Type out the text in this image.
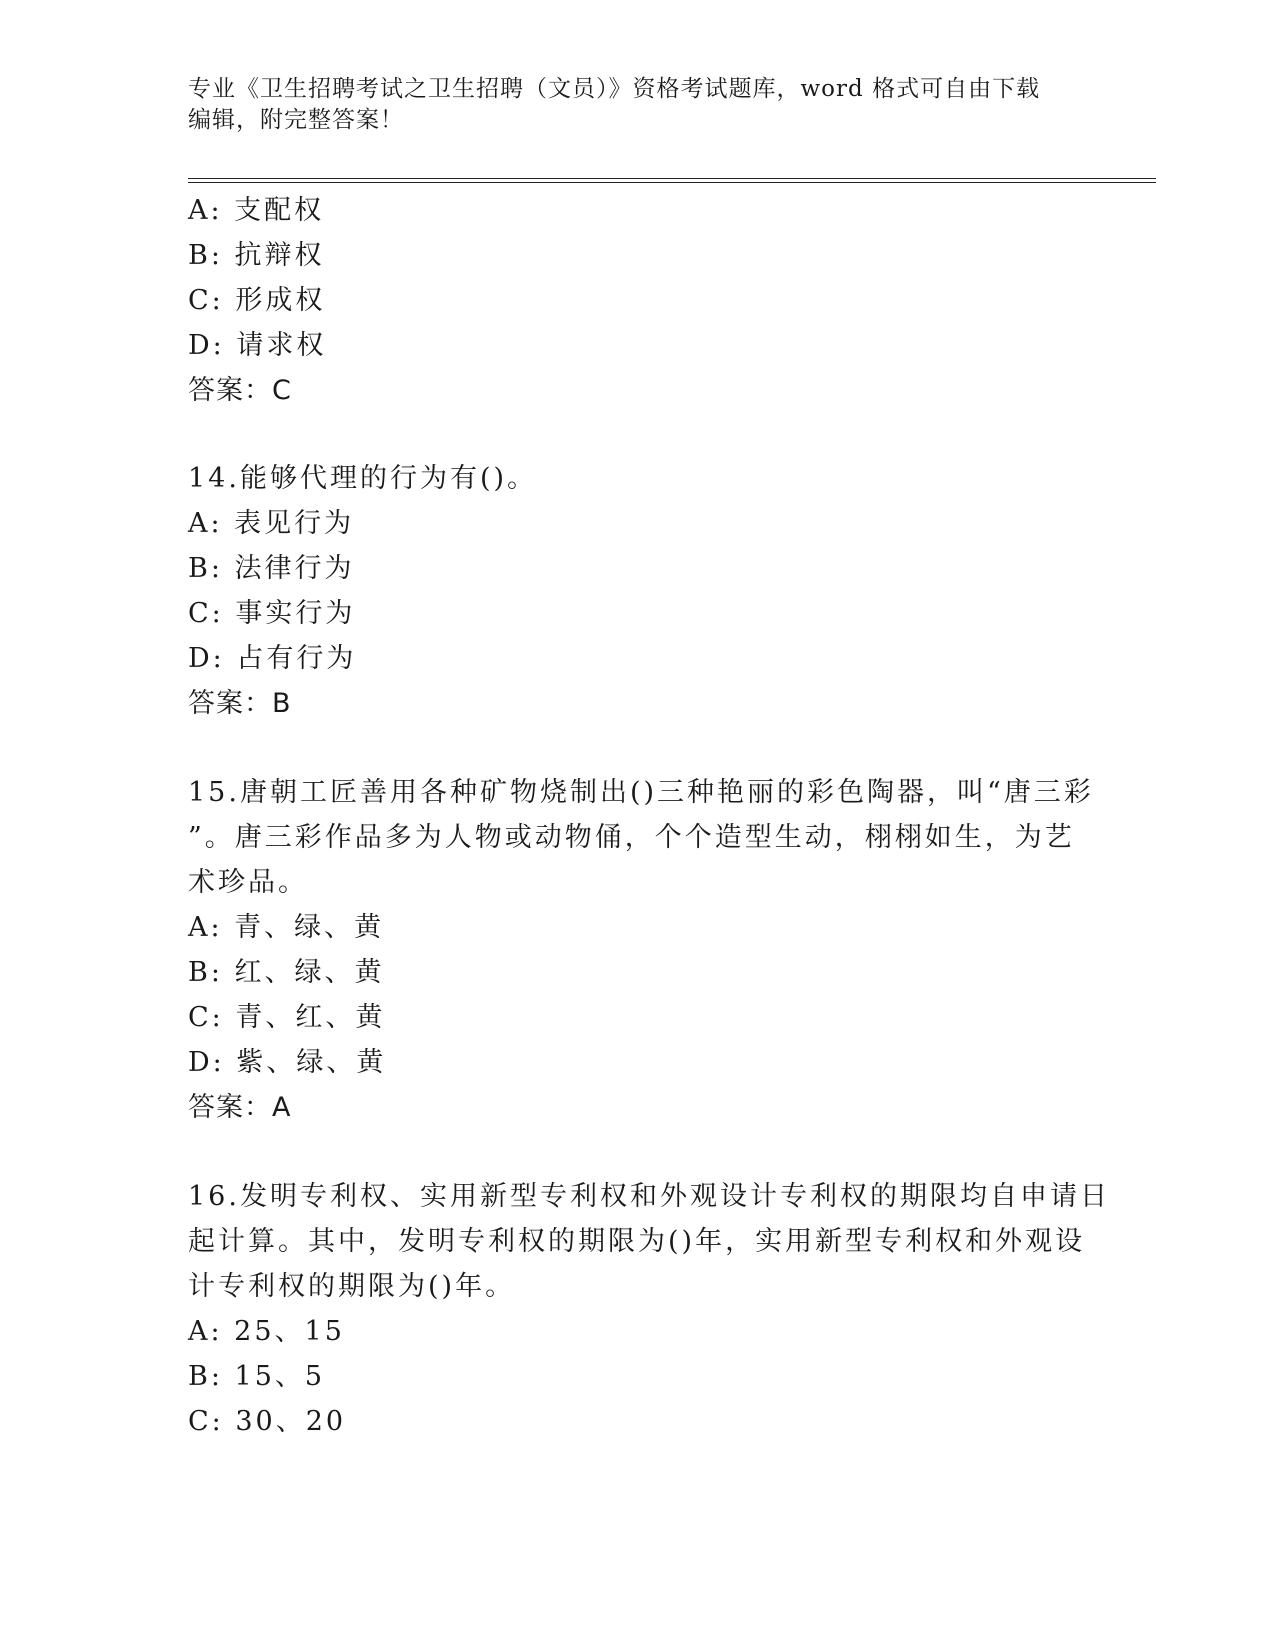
专业《卫生招聘考试之卫生招聘（文员）》资格考试题库，word 格式可自由下载
编辑，附完整答案！
A: 支配权
B: 抗辩权
C: 形成权
D: 请求权
答案：C
14.能够代理的行为有()。
A: 表见行为
B: 法律行为
C: 事实行为
D: 占有行为
答案：B
15.唐朝工匠善用各种矿物烧制出()三种艳丽的彩色陶器，叫“唐三彩
”。唐三彩作品多为人物或动物俑，个个造型生动，栩栩如生，为艺
术珍品。
A: 青、绿、黄
B: 红、绿、黄
C: 青、红、黄
D: 紫、绿、黄
答案：A
16.发明专利权、实用新型专利权和外观设计专利权的期限均自申请日
起计算。其中，发明专利权的期限为()年，实用新型专利权和外观设
计专利权的期限为()年。
A: 25、15
B: 15、5
C: 30、20
